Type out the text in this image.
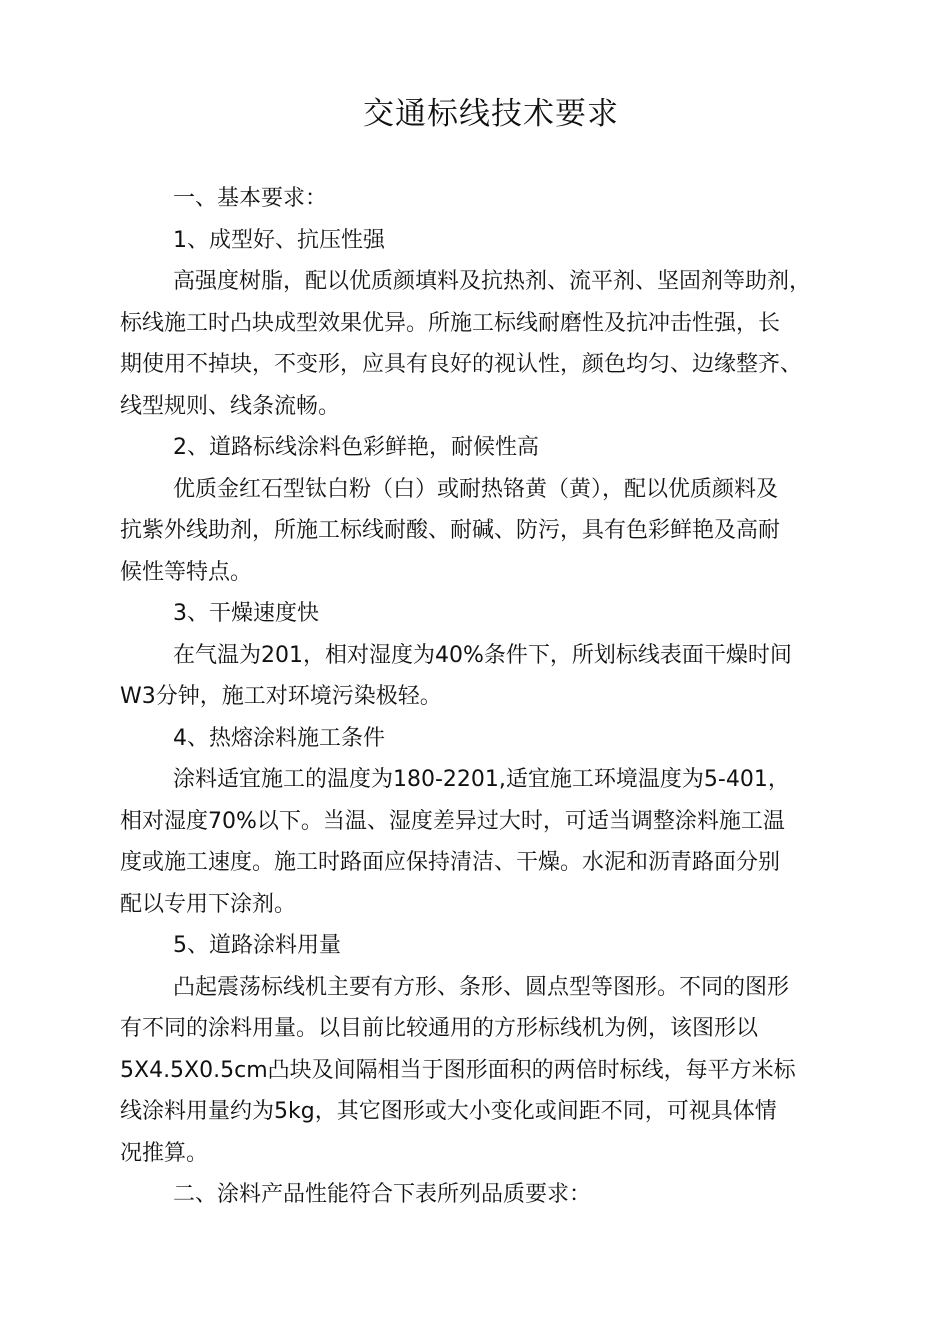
交通标线技术要求
一、基本要求：
1、成型好、抗压性强
高强度树脂，配以优质颜填料及抗热剂、流平剂、坚固剂等助剂，
标线施工时凸块成型效果优异。所施工标线耐磨性及抗冲击性强，长
期使用不掉块，不变形，应具有良好的视认性，颜色均匀、边缘整齐、
线型规则、线条流畅。
2、道路标线涂料色彩鲜艳，耐候性高
优质金红石型钛白粉（白）或耐热铬黄（黄），配以优质颜料及
抗紫外线助剂，所施工标线耐酸、耐碱、防污，具有色彩鲜艳及高耐
候性等特点。
3、干燥速度快
在气温为201，相对湿度为40%条件下，所划标线表面干燥时间
W3分钟，施工对环境污染极轻。
4、热熔涂料施工条件
涂料适宜施工的温度为180-2201,适宜施工环境温度为5-401，
相对湿度70%以下。当温、湿度差异过大时，可适当调整涂料施工温
度或施工速度。施工时路面应保持清洁、干燥。水泥和沥青路面分别
配以专用下涂剂。
5、道路涂料用量
凸起震荡标线机主要有方形、条形、圆点型等图形。不同的图形
有不同的涂料用量。以目前比较通用的方形标线机为例，该图形以
5X4.5X0.5cm凸块及间隔相当于图形面积的两倍时标线，每平方米标
线涂料用量约为5kg，其它图形或大小变化或间距不同，可视具体情
况推算。
二、涂料产品性能符合下表所列品质要求：
